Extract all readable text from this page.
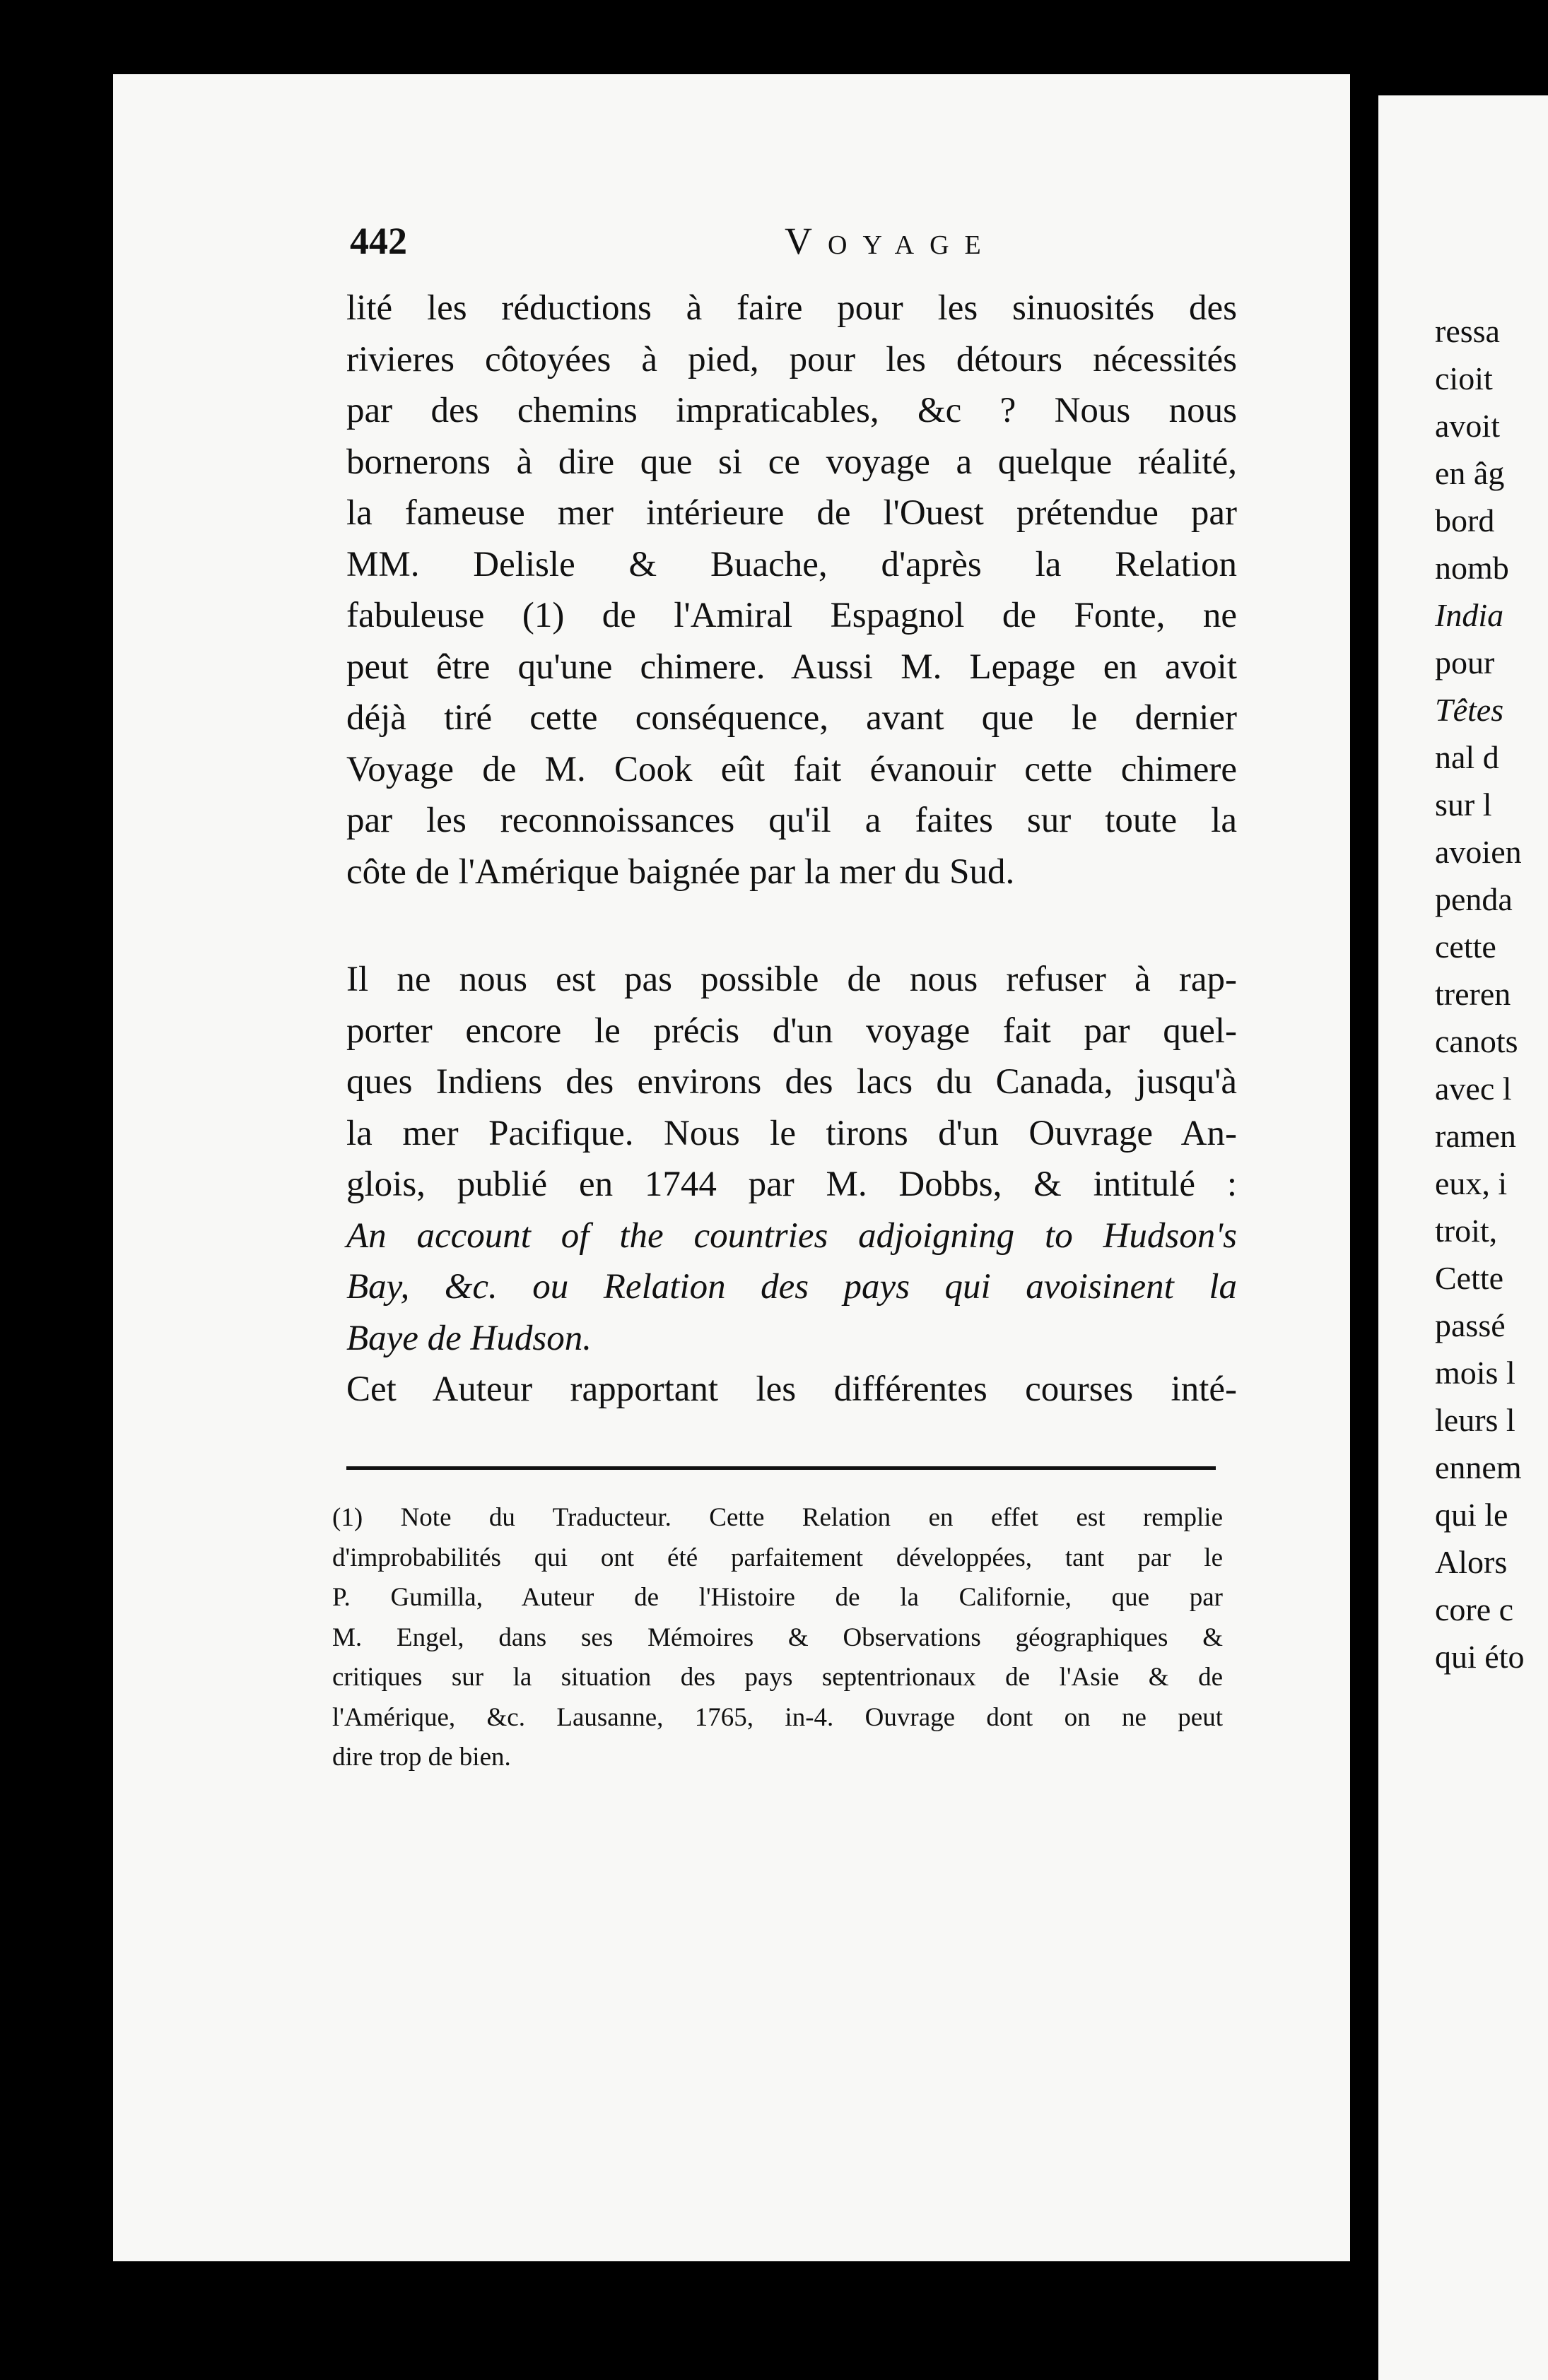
ressa
cioit
avoit
en âg
bord
nomb
India
pour
Têtes
nal d
sur l
avoien
penda
cette
treren
canots
avec l
ramen
eux, i
troit,
Cette
passé
mois l
leurs l
ennem
qui le
Alors
core c
qui éto
442	Voyage
lité les réductions à faire pour les sinuosités des
rivieres côtoyées à pied, pour les détours nécessités
par des chemins impraticables, &c ? Nous nous
bornerons à dire que si ce voyage a quelque réalité,
la fameuse mer intérieure de l'Ouest prétendue par
MM. Delisle & Buache, d'après la Relation
fabuleuse (1) de l'Amiral Espagnol de Fonte, ne
peut être qu'une chimere. Aussi M. Lepage en avoit
déjà tiré cette conséquence, avant que le dernier
Voyage de M. Cook eût fait évanouir cette chimere
par les reconnoissances qu'il a faites sur toute la
côte de l'Amérique baignée par la mer du Sud.
Il ne nous est pas possible de nous refuser à rap-
porter encore le précis d'un voyage fait par quel-
ques Indiens des environs des lacs du Canada, jusqu'à
la mer Pacifique. Nous le tirons d'un Ouvrage An-
glois, publié en 1744 par M. Dobbs, & intitulé :
An account of the countries adjoigning to Hudson's
Bay, &c. ou Relation des pays qui avoisinent la
Baye de Hudson.
Cet Auteur rapportant les différentes courses inté-
(1) Note du Traducteur. Cette Relation en effet est remplie
d'improbabilités qui ont été parfaitement développées, tant par le
P. Gumilla, Auteur de l'Histoire de la Californie, que par
M. Engel, dans ses Mémoires & Observations géographiques &
critiques sur la situation des pays septentrionaux de l'Asie & de
l'Amérique, &c. Lausanne, 1765, in-4. Ouvrage dont on ne peut
dire trop de bien.
